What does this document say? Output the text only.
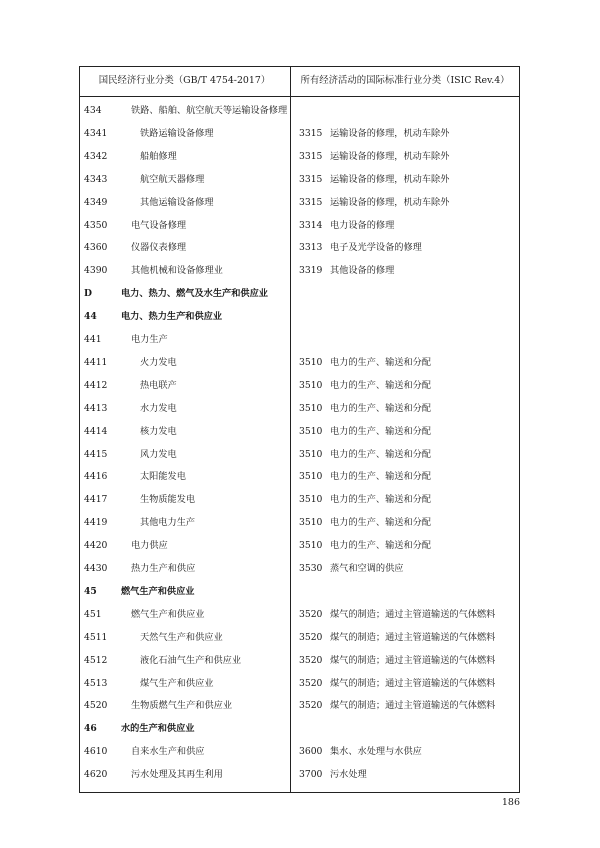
国民经济行业分类（GB/T 4754-2017）	所有经济活动的国际标准行业分类（ISIC Rev.4）
434	铁路、船舶、航空航天等运输设备修理
4341	铁路运输设备修理	3315 运输设备的修理，机动车除外
4342	船舶修理	3315 运输设备的修理，机动车除外
4343	航空航天器修理	3315 运输设备的修理，机动车除外
4349	其他运输设备修理	3315 运输设备的修理，机动车除外
4350	电气设备修理	3314 电力设备的修理
4360	仪器仪表修理	3313 电子及光学设备的修理
4390	其他机械和设备修理业	3319 其他设备的修理
D	电力、热力、燃气及水生产和供应业
44	电力、热力生产和供应业
441	电力生产
4411	火力发电	3510 电力的生产、输送和分配
4412	热电联产	3510 电力的生产、输送和分配
4413	水力发电	3510 电力的生产、输送和分配
4414	核力发电	3510 电力的生产、输送和分配
4415	风力发电	3510 电力的生产、输送和分配
4416	太阳能发电	3510 电力的生产、输送和分配
4417	生物质能发电	3510 电力的生产、输送和分配
4419	其他电力生产	3510 电力的生产、输送和分配
4420	电力供应	3510 电力的生产、输送和分配
4430	热力生产和供应	3530 蒸气和空调的供应
45	燃气生产和供应业
451	燃气生产和供应业	3520 煤气的制造；通过主管道输送的气体燃料
4511	天然气生产和供应业	3520 煤气的制造；通过主管道输送的气体燃料
4512	液化石油气生产和供应业	3520 煤气的制造；通过主管道输送的气体燃料
4513	煤气生产和供应业	3520 煤气的制造；通过主管道输送的气体燃料
4520	生物质燃气生产和供应业	3520 煤气的制造；通过主管道输送的气体燃料
46	水的生产和供应业
4610	自来水生产和供应	3600 集水、水处理与水供应
4620	污水处理及其再生利用	3700 污水处理
186
